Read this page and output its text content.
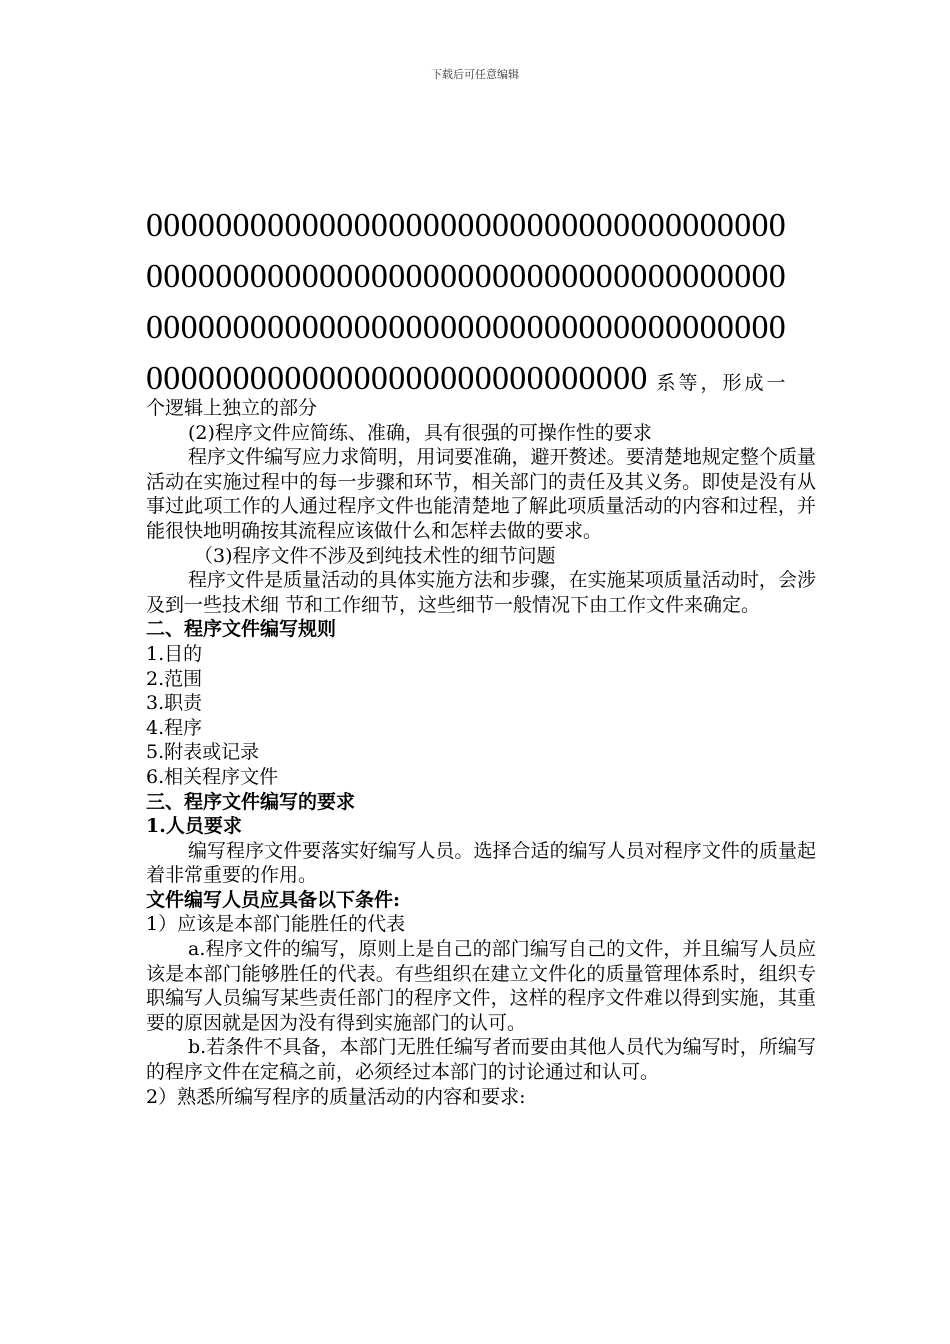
下载后可任意编辑
0000000000000000000000000000000000000
0000000000000000000000000000000000000
0000000000000000000000000000000000000
00000000000000000000000000000 系等，形成一

个逻辑上独立的部分

(2)程序文件应简练、准确，具有很强的可操作性的要求

程序文件编写应力求简明，用词要准确，避开赘述。要清楚地规定整个质量活动在实施过程中的每一步骤和环节，相关部门的责任及其义务。即使是没有从事过此项工作的人通过程序文件也能清楚地了解此项质量活动的内容和过程，并能很快地明确按其流程应该做什么和怎样去做的要求。

（3)程序文件不涉及到纯技术性的细节问题

程序文件是质量活动的具体实施方法和步骤，在实施某项质量活动时，会涉及到一些技术细 节和工作细节，这些细节一般情况下由工作文件来确定。

二、程序文件编写规则

1.目的

2.范围

3.职责

4.程序

5.附表或记录

6.相关程序文件

三、程序文件编写的要求

1.人员要求

编写程序文件要落实好编写人员。选择合适的编写人员对程序文件的质量起着非常重要的作用。

文件编写人员应具备以下条件:

1）应该是本部门能胜任的代表

a.程序文件的编写，原则上是自己的部门编写自己的文件，并且编写人员应该是本部门能够胜任的代表。有些组织在建立文件化的质量管理体系时，组织专职编写人员编写某些责任部门的程序文件，这样的程序文件难以得到实施，其重要的原因就是因为没有得到实施部门的认可。

b.若条件不具备，本部门无胜任编写者而要由其他人员代为编写时，所编写的程序文件在定稿之前，必须经过本部门的讨论通过和认可。

2）熟悉所编写程序的质量活动的内容和要求:
